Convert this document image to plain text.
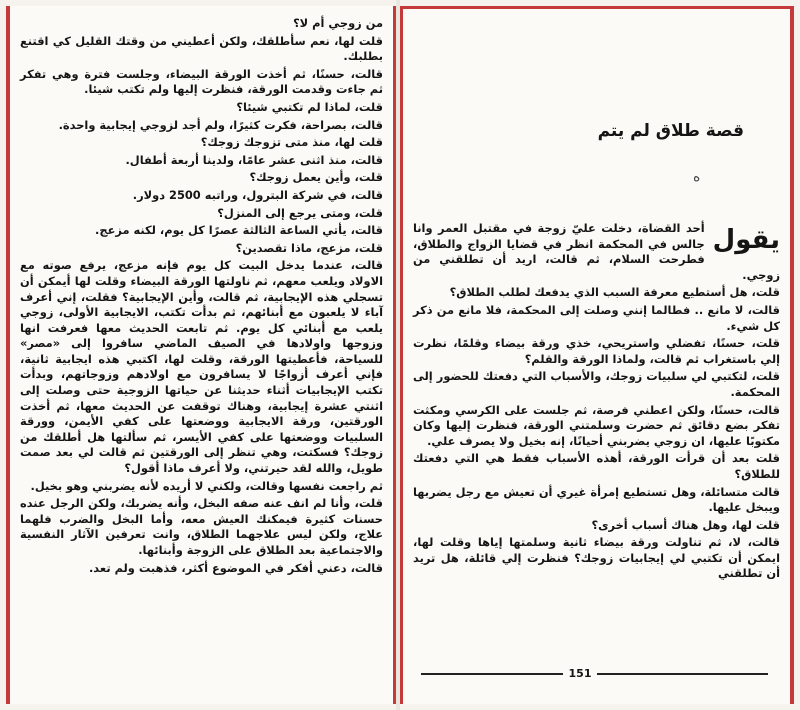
من زوجي أم لا؟

قلت لها، نعم سأطلقك، ولكن أعطيني من وقتك القليل كي اقتنع بطلبك.

قالت، حسنًا، ثم أخذت الورقة البيضاء، وجلست فترة وهي تفكر ثم جاءت وقدمت الورقة، فنظرت إليها ولم تكتب شيئا.

قلت، لماذا لم تكتبي شيئا؟

قالت، بصراحة، فكرت كثيرًا، ولم أجد لزوجي إيجابية واحدة.

قلت لها، منذ متى تزوجك زوجك؟

قالت، منذ اثنى عشر عامًا، ولدينا أربعة أطفال.

قلت، وأين يعمل زوجك؟

قالت، في شركة البترول، وراتبه 2500 دولار.

قلت، ومتى يرجع إلى المنزل؟

قالت، يأتي الساعة الثالثة عصرًا كل يوم، لكنه مزعج.

قلت، مزعج، ماذا تقصدين؟

قالت، عندما يدخل البيت كل يوم فإنه مزعج، يرفع صوته مع الاولاد ويلعب معهم، ثم ناولتها الورقة البيضاء وقلت لها أيمكن أن تسجلي هذه الإيجابية، ثم قالت، وأين الإيجابية؟ فقلت، إني أعرف آباء لا يلعبون مع أبنائهم، ثم بدأت تكتب، الايجابية الأولى، زوجي يلعب مع أبنائي كل يوم. ثم تابعت الحديث معها فعرفت انها وزوجها واولادها في الصيف الماضي سافروا إلى «مصر» للسياحة، فأعطيتها الورقة، وقلت لها، اكتبي هذه ايجابية ثانية، فإني أعرف أزواجًا لا يسافرون مع اولادهم وزوجاتهم، وبدأت تكتب الإيجابيات أثناء حديثنا عن حياتها الزوجية حتى وصلت إلى اثنتي عشرة إيجابية، وهناك توقفت عن الحديث معها، ثم أخذت الورقتين، ورقة الايجابية ووضعتها على كفي الأيمن، وورقة السلبيات ووضعتها على كفي الأيسر، ثم سألتها هل أطلقك من زوجك؟ فسكتت، وهي تنظر إلى الورقتين ثم قالت لي بعد صمت طويل، والله لقد حيرتني، ولا أعرف ماذا أقول؟

ثم راجعت نفسها وقالت، ولكني لا أريده لأنه يضربني وهو بخيل.

قلت، وأنا لم انف عنه صفه البخل، وأنه يضربك، ولكن الرجل عنده حسنات كثيرة فيمكنك العيش معه، وأما البخل والضرب فلهما علاج، ولكن ليس علاجهما الطلاق، وانت تعرفين الآثار النفسية والاجتماعية بعد الطلاق على الزوجة وأبنائها.

قالت، دعني أفكر في الموضوع أكثر، فذهبت ولم تعد.

قصة طلاق لم يتم
ه
يقول

أحد القضاة، دخلت عليّ زوجة في مقتبل العمر وانا جالس في المحكمة انظر في قضايا الزواج والطلاق، فطرحت السلام، ثم قالت، اريد أن تطلقني من زوجي.

قلت، هل أستطيع معرفة السبب الذي يدفعك لطلب الطلاق؟

قالت، لا مانع .. فطالما إنني وصلت إلى المحكمة، فلا مانع من ذكر كل شيء.

قلت، حسنًا، تفضلي واستريحي، خذي ورقة بيضاء وقلمًا، نظرت إلي باستغراب ثم قالت، ولماذا الورقة والقلم؟

قلت، لتكتبي لي سلبيات زوجك، والأسباب التي دفعتك للحضور إلى المحكمة.

قالت، حسنًا، ولكن اعطني فرصة، ثم جلست على الكرسي ومكثت تفكر بضع دقائق ثم حضرت وسلمتني الورقة، فنظرت إليها وكان مكتوبًا عليها، ان زوجي يضربني أحيانًا، إنه بخيل ولا يصرف علي.

قلت بعد أن قرأت الورقة، أهذه الأسباب فقط هي التي دفعتك للطلاق؟

قالت متسائلة، وهل تستطيع إمرأة غيري أن تعيش مع رجل يضربها ويبخل عليها.

قلت لها، وهل هناك أسباب أخرى؟

قالت، لا، ثم تناولت ورقة بيضاء ثانية وسلمتها إياها وقلت لها، ايمكن أن تكتبي لي إيجابيات زوجك؟ فنظرت إلي قائلة، هل تريد أن تطلقني

151
